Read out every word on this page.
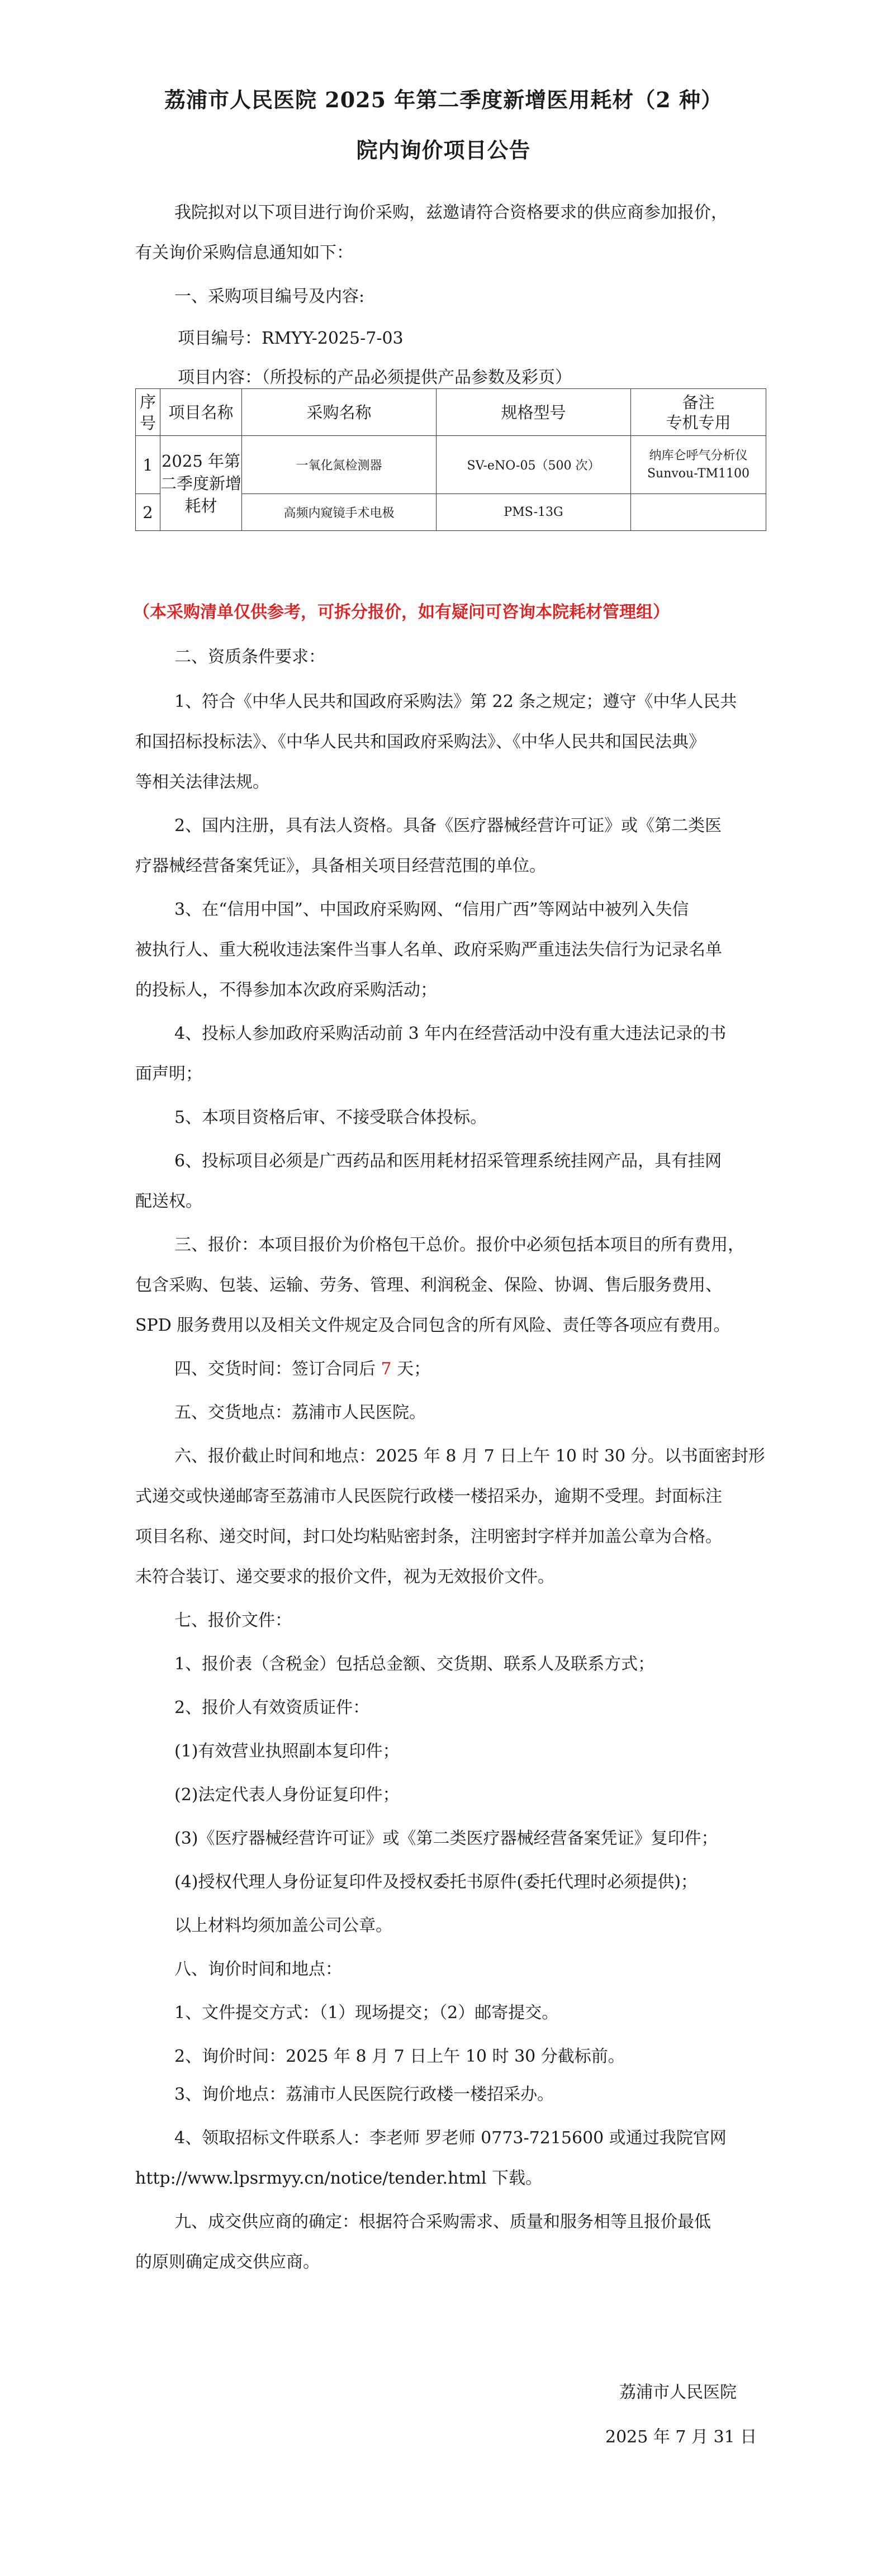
荔浦市人民医院 2025 年第二季度新增医用耗材（2 种）
院内询价项目公告
我院拟对以下项目进行询价采购，兹邀请符合资格要求的供应商参加报价，
有关询价采购信息通知如下：
一、采购项目编号及内容:
项目编号：RMYY-2025-7-03
项目内容：（所投标的产品必须提供产品参数及彩页）
序号	项目名称	采购名称	规格型号	备注
专机专用

1	2025 年第二季度新增耗材	一氧化氮检测器	SV-eNO-05（500 次）	纳库仑呼气分析仪
Sunvou-TM1100

2		高频内窥镜手术电极	PMS-13G	
（本采购清单仅供参考，可拆分报价，如有疑问可咨询本院耗材管理组）
二、资质条件要求：
1、符合《中华人民共和国政府采购法》第 22 条之规定；遵守《中华人民共
和国招标投标法》、《中华人民共和国政府采购法》、《中华人民共和国民法典》
等相关法律法规。
2、国内注册，具有法人资格。具备《医疗器械经营许可证》或《第二类医
疗器械经营备案凭证》，具备相关项目经营范围的单位。
3、在“信用中国”、中国政府采购网、“信用广西”等网站中被列入失信
被执行人、重大税收违法案件当事人名单、政府采购严重违法失信行为记录名单
的投标人，不得参加本次政府采购活动；
4、投标人参加政府采购活动前 3 年内在经营活动中没有重大违法记录的书
面声明；
5、本项目资格后审、不接受联合体投标。
6、投标项目必须是广西药品和医用耗材招采管理系统挂网产品，具有挂网
配送权。
三、报价：本项目报价为价格包干总价。报价中必须包括本项目的所有费用，
包含采购、包装、运输、劳务、管理、利润税金、保险、协调、售后服务费用、
SPD 服务费用以及相关文件规定及合同包含的所有风险、责任等各项应有费用。
四、交货时间：签订合同后 7 天；
五、交货地点：荔浦市人民医院。
六、报价截止时间和地点：2025 年 8 月 7 日上午 10 时 30 分。以书面密封形
式递交或快递邮寄至荔浦市人民医院行政楼一楼招采办，逾期不受理。封面标注
项目名称、递交时间，封口处均粘贴密封条，注明密封字样并加盖公章为合格。
未符合装订、递交要求的报价文件，视为无效报价文件。
七、报价文件：
1、报价表（含税金）包括总金额、交货期、联系人及联系方式；
2、报价人有效资质证件：
(1)有效营业执照副本复印件；
(2)法定代表人身份证复印件；
(3)《医疗器械经营许可证》或《第二类医疗器械经营备案凭证》复印件；
(4)授权代理人身份证复印件及授权委托书原件(委托代理时必须提供)；
以上材料均须加盖公司公章。
八、询价时间和地点：
1、文件提交方式：（1）现场提交；（2）邮寄提交。
2、询价时间：2025 年 8 月 7 日上午 10 时 30 分截标前。
3、询价地点：荔浦市人民医院行政楼一楼招采办。
4、领取招标文件联系人：李老师 罗老师 0773-7215600 或通过我院官网
http://www.lpsrmyy.cn/notice/tender.html 下载。
九、成交供应商的确定：根据符合采购需求、质量和服务相等且报价最低
的原则确定成交供应商。
荔浦市人民医院
2025 年 7 月 31 日
